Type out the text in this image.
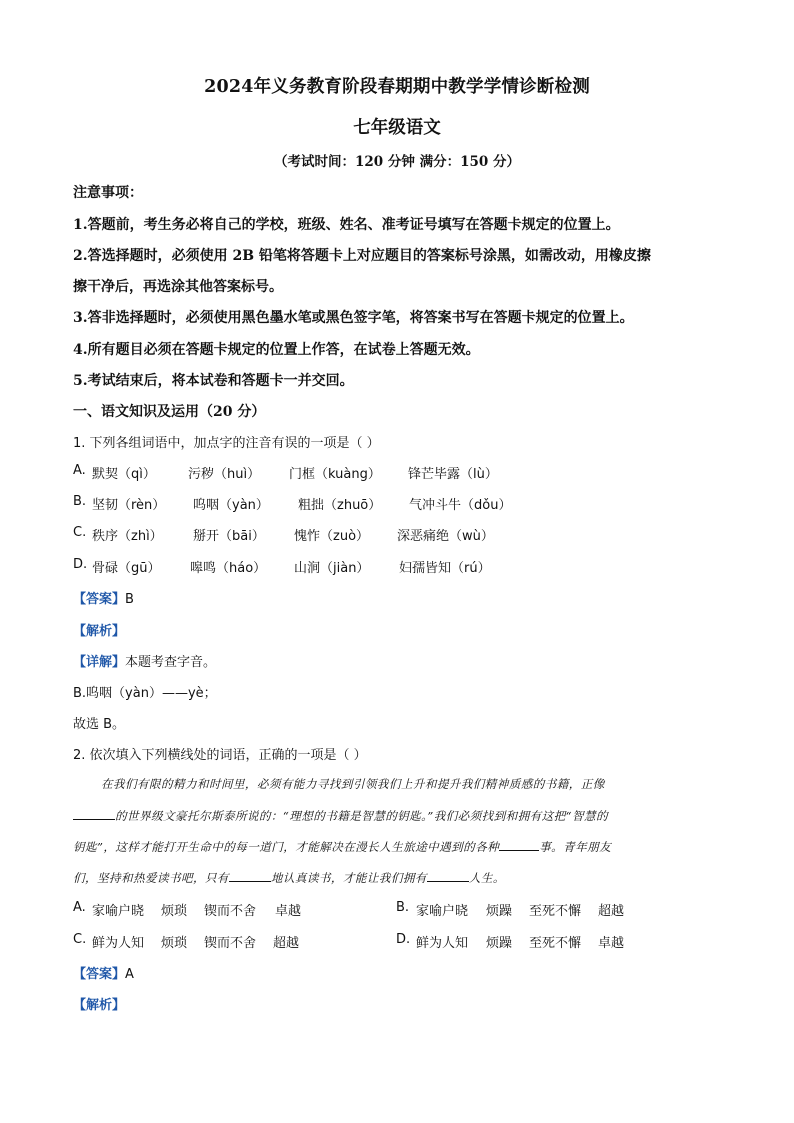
2024年义务教育阶段春期期中教学学情诊断检测
七年级语文
（考试时间：120 分钟 满分：150 分）
注意事项：
1.答题前，考生务必将自己的学校，班级、姓名、准考证号填写在答题卡规定的位置上。
2.答选择题时，必须使用 2B 铅笔将答题卡上对应题目的答案标号涂黑，如需改动，用橡皮擦
擦干净后，再选涂其他答案标号。
3.答非选择题时，必须使用黑色墨水笔或黑色签字笔，将答案书写在答题卡规定的位置上。
4.所有题目必须在答题卡规定的位置上作答，在试卷上答题无效。
5.考试结束后，将本试卷和答题卡一并交回。
一、语文知识及运用（20 分）
1. 下列各组词语中，加点字的注音有误的一项是（ ）
A. 默契（qì） 污秽（huì） 门框（kuàng） 锋芒毕露（lù）
B. 坚韧（rèn） 呜咽（yàn） 粗拙（zhuō） 气冲斗牛（dǒu）
C. 秩序（zhì） 掰开（bāi） 愧怍（zuò） 深恶痛绝（wù）
D. 骨碌（gū） 嗥鸣（háo） 山涧（jiàn） 妇孺皆知（rú）
【答案】B
【解析】
【详解】本题考查字音。
B.呜咽（yàn）——yè；
故选 B。
2. 依次填入下列横线处的词语，正确的一项是（ ）
在我们有限的精力和时间里，必须有能力寻找到引领我们上升和提升我们精神质感的书籍，正像
的世界级文豪托尔斯泰所说的：“理想的书籍是智慧的钥匙。”我们必须找到和拥有这把“智慧的
钥匙”，这样才能打开生命中的每一道门，才能解决在漫长人生旅途中遇到的各种	事。青年朋友
们，坚持和热爱读书吧，只有	地认真读书，才能让我们拥有	人生。
A. 家喻户晓 烦琐 锲而不舍 卓越	B. 家喻户晓 烦躁 至死不懈 超越
C. 鲜为人知 烦琐 锲而不舍 超越	D. 鲜为人知 烦躁 至死不懈 卓越
【答案】A
【解析】
